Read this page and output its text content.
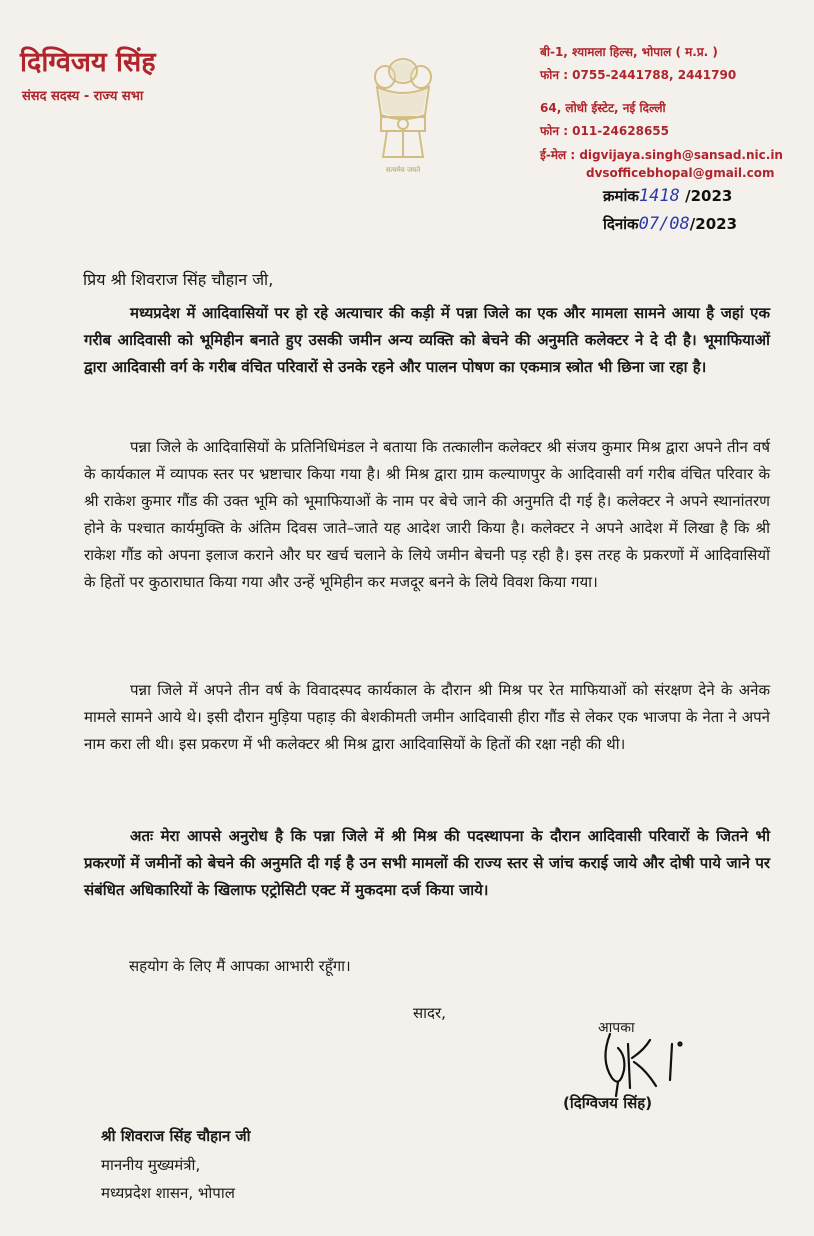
दिग्विजय सिंह
संसद सदस्य - राज्य सभा
सत्यमेव जयते
बी-1, श्यामला हिल्स, भोपाल ( म.प्र. )
फोन : 0755-2441788, 2441790
64, लोधी ईस्टेट, नई दिल्ली
फोन : 011-24628655
ई-मेल : digvijaya.singh@sansad.nic.in
dvsofficebhopal@gmail.com
क्रमांक1418 /2023
दिनांक07/08/2023

प्रिय श्री शिवराज सिंह चौहान जी,

मध्यप्रदेश में आदिवासियों पर हो रहे अत्याचार की कड़ी में पन्ना जिले का एक और मामला सामने आया है जहां एक गरीब आदिवासी को भूमिहीन बनाते हुए उसकी जमीन अन्य व्यक्ति को बेचने की अनुमति कलेक्टर ने दे दी है। भूमाफियाओं द्वारा आदिवासी वर्ग के गरीब वंचित परिवारों से उनके रहने और पालन पोषण का एकमात्र स्त्रोत भी छिना जा रहा है।

पन्ना जिले के आदिवासियों के प्रतिनिधिमंडल ने बताया कि तत्कालीन कलेक्टर श्री संजय कुमार मिश्र द्वारा अपने तीन वर्ष के कार्यकाल में व्यापक स्तर पर भ्रष्टाचार किया गया है। श्री मिश्र द्वारा ग्राम कल्याणपुर के आदिवासी वर्ग गरीब वंचित परिवार के श्री राकेश कुमार गौंड की उक्त भूमि को भूमाफियाओं के नाम पर बेचे जाने की अनुमति दी गई है। कलेक्टर ने अपने स्थानांतरण होने के पश्चात कार्यमुक्ति के अंतिम दिवस जाते–जाते यह आदेश जारी किया है। कलेक्टर ने अपने आदेश में लिखा है कि श्री राकेश गौंड को अपना इलाज कराने और घर खर्च चलाने के लिये जमीन बेचनी पड़ रही है। इस तरह के प्रकरणों में आदिवासियों के हितों पर कुठाराघात किया गया और उन्हें भूमिहीन कर मजदूर बनने के लिये विवश किया गया।

पन्ना जिले में अपने तीन वर्ष के विवादस्पद कार्यकाल के दौरान श्री मिश्र पर रेत माफियाओं को संरक्षण देने के अनेक मामले सामने आये थे। इसी दौरान मुड़िया पहाड़ की बेशकीमती जमीन आदिवासी हीरा गौंड से लेकर एक भाजपा के नेता ने अपने नाम करा ली थी। इस प्रकरण में भी कलेक्टर श्री मिश्र द्वारा आदिवासियों के हितों की रक्षा नही की थी।

अतः मेरा आपसे अनुरोध है कि पन्ना जिले में श्री मिश्र की पदस्थापना के दौरान आदिवासी परिवारों के जितने भी प्रकरणों में जमीनों को बेचने की अनुमति दी गई है उन सभी मामलों की राज्य स्तर से जांच कराई जाये और दोषी पाये जाने पर संबंधित अधिकारियों के खिलाफ एट्रोसिटी एक्ट में मुकदमा दर्ज किया जाये।

सहयोग के लिए मैं आपका आभारी रहूँगा।

सादर,

आपका
(दिग्विजय सिंह)

श्री शिवराज सिंह चौहान जी

माननीय मुख्यमंत्री,

मध्यप्रदेश शासन, भोपाल
